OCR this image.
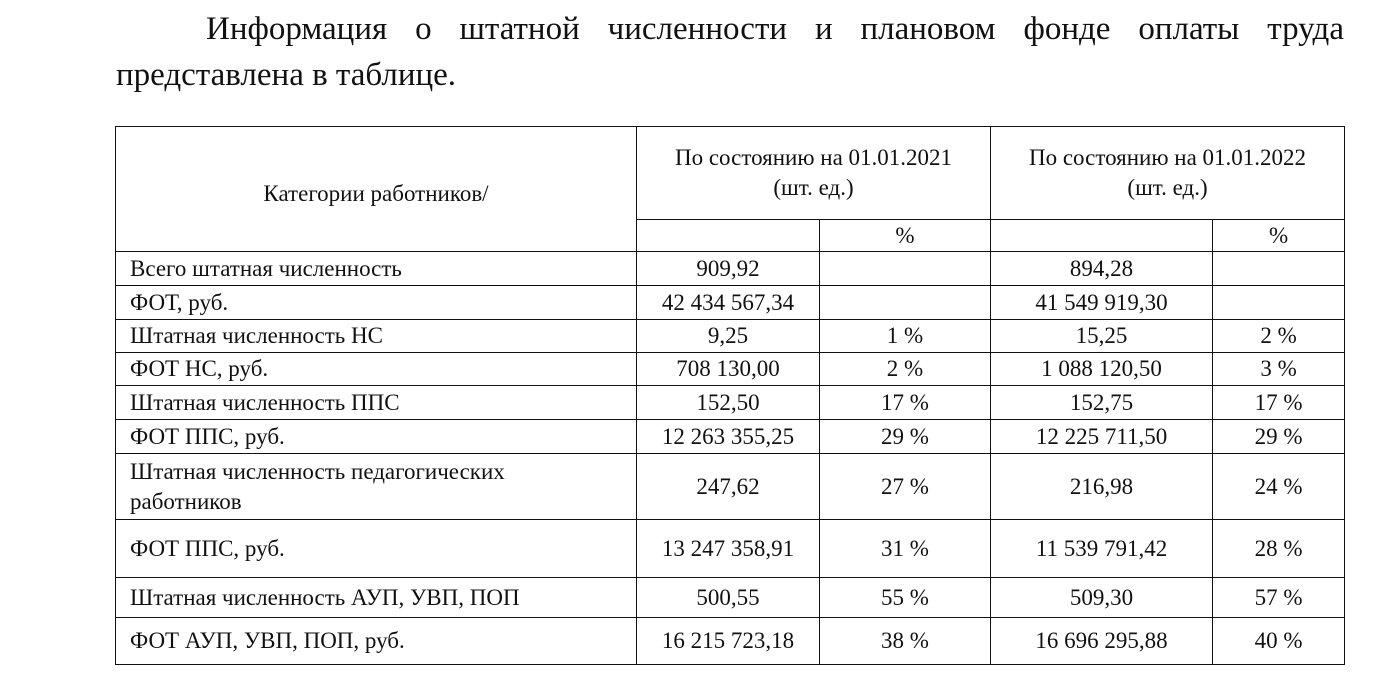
Информация о штатной численности и плановом фонде оплаты труда представлена в таблице.

Категории работников/	По состоянию на 01.01.2021 (шт. ед.)		По состоянию на 01.01.2022 (шт. ед.)	
		%		%
Всего штатная численность	909,92		894,28	
ФОТ, руб.	42 434 567,34		41 549 919,30	
Штатная численность НС	9,25	1 %	15,25	2 %
ФОТ НС, руб.	708 130,00	2 %	1 088 120,50	3 %
Штатная численность ППС	152,50	17 %	152,75	17 %
ФОТ ППС, руб.	12 263 355,25	29 %	12 225 711,50	29 %
Штатная численность педагогических работников	247,62	27 %	216,98	24 %
ФОТ ППС, руб.	13 247 358,91	31 %	11 539 791,42	28 %
Штатная численность АУП, УВП, ПОП	500,55	55 %	509,30	57 %
ФОТ АУП, УВП, ПОП, руб.	16 215 723,18	38 %	16 696 295,88	40 %
